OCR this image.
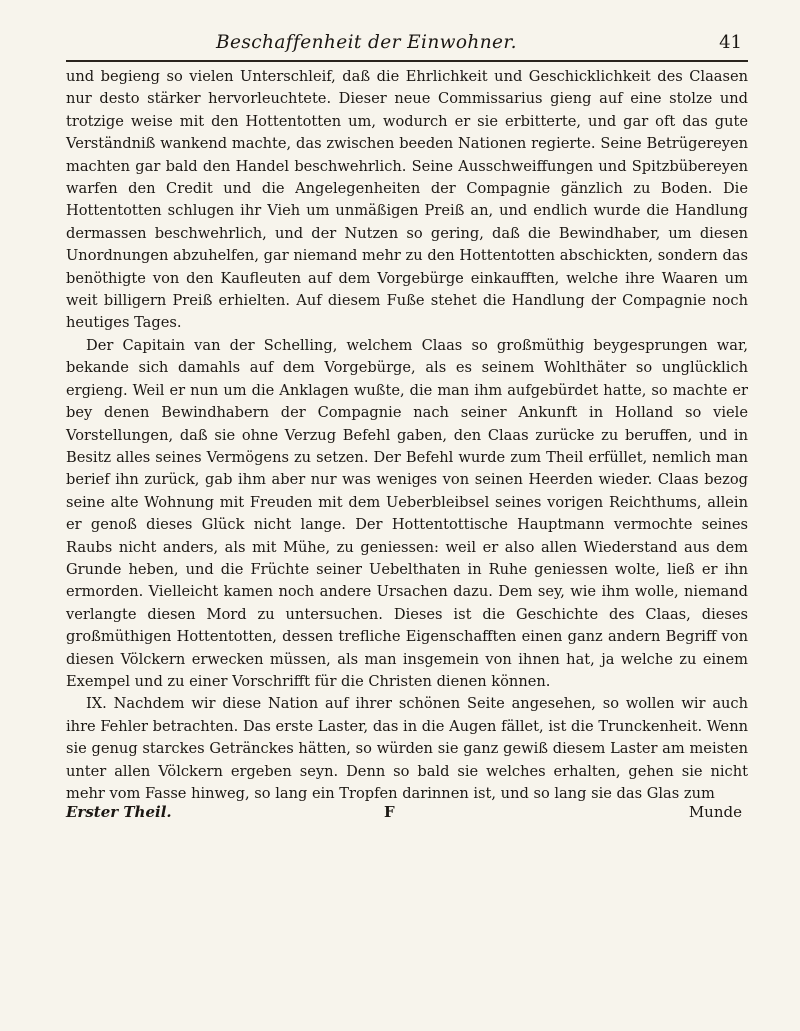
Beschaffenheit der Einwohner.	41

und begieng so vielen Unterschleif, daß die Ehrlichkeit und Geschicklichkeit des Claasen nur desto stärker hervorleuchtete. Dieser neue Commissarius gieng auf eine stolze und trotzige weise mit den Hottentotten um, wodurch er sie erbitterte, und gar oft das gute Verständniß wankend machte, das zwischen beeden Nationen regierte. Seine Betrügereyen machten gar bald den Handel beschwehrlich. Seine Ausschweiffungen und Spitzbübereyen warfen den Credit und die Angelegenheiten der Compagnie gänzlich zu Boden. Die Hottentotten schlugen ihr Vieh um unmäßigen Preiß an, und endlich wurde die Handlung dermassen beschwehrlich, und der Nutzen so gering, daß die Bewindhaber, um diesen Unordnungen abzuhelfen, gar niemand mehr zu den Hottentotten abschickten, sondern das benöthigte von den Kaufleuten auf dem Vorgebürge einkaufften, welche ihre Waaren um weit billigern Preiß erhielten. Auf diesem Fuße stehet die Handlung der Compagnie noch heutiges Tages.

Der Capitain van der Schelling, welchem Claas so großmüthig beygesprungen war, bekande sich damahls auf dem Vorgebürge, als es seinem Wohlthäter so unglücklich ergieng. Weil er nun um die Anklagen wußte, die man ihm aufgebürdet hatte, so machte er bey denen Bewindhabern der Compagnie nach seiner Ankunft in Holland so viele Vorstellungen, daß sie ohne Verzug Befehl gaben, den Claas zurücke zu beruffen, und in Besitz alles seines Vermögens zu setzen. Der Befehl wurde zum Theil erfüllet, nemlich man berief ihn zurück, gab ihm aber nur was weniges von seinen Heerden wieder. Claas bezog seine alte Wohnung mit Freuden mit dem Ueberbleibsel seines vorigen Reichthums, allein er genoß dieses Glück nicht lange. Der Hottentottische Hauptmann vermochte seines Raubs nicht anders, als mit Mühe, zu geniessen: weil er also allen Wiederstand aus dem Grunde heben, und die Früchte seiner Uebelthaten in Ruhe geniessen wolte, ließ er ihn ermorden. Vielleicht kamen noch andere Ursachen dazu. Dem sey, wie ihm wolle, niemand verlangte diesen Mord zu untersuchen. Dieses ist die Geschichte des Claas, dieses großmüthigen Hottentotten, dessen trefliche Eigenschafften einen ganz andern Begriff von diesen Völckern erwecken müssen, als man insgemein von ihnen hat, ja welche zu einem Exempel und zu einer Vorschrifft für die Christen dienen können.

IX. Nachdem wir diese Nation auf ihrer schönen Seite angesehen, so wollen wir auch ihre Fehler betrachten. Das erste Laster, das in die Augen fället, ist die Trunckenheit. Wenn sie genug starckes Getränckes hätten, so würden sie ganz gewiß diesem Laster am meisten unter allen Völckern ergeben seyn. Denn so bald sie welches erhalten, gehen sie nicht mehr vom Fasse hinweg, so lang ein Tropfen darinnen ist, und so lang sie das Glas zum

Erster Theil.	F	Munde
